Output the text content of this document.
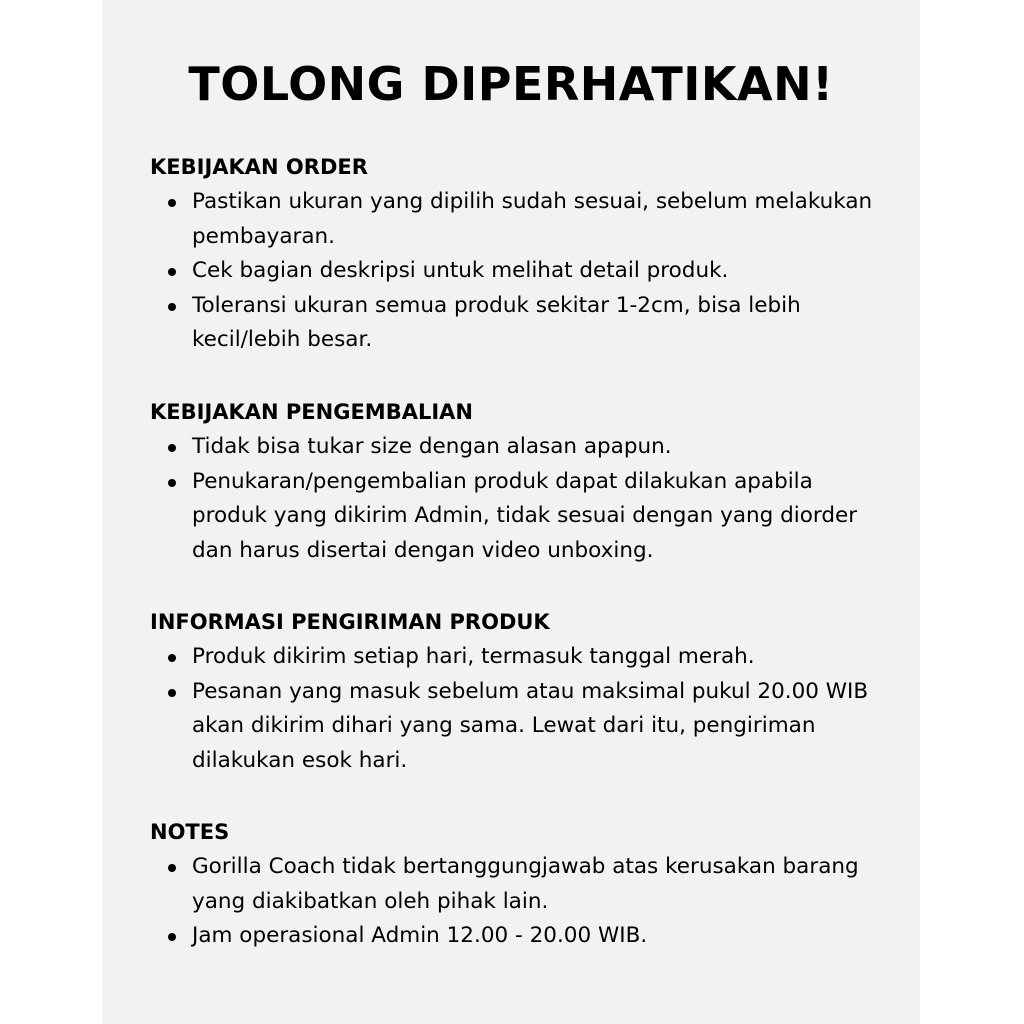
TOLONG DIPERHATIKAN!
KEBIJAKAN ORDER
Pastikan ukuran yang dipilih sudah sesuai, sebelum melakukan pembayaran.
Cek bagian deskripsi untuk melihat detail produk.
Toleransi ukuran semua produk sekitar 1-2cm, bisa lebih kecil/lebih besar.
KEBIJAKAN PENGEMBALIAN
Tidak bisa tukar size dengan alasan apapun.
Penukaran/pengembalian produk dapat dilakukan apabila produk yang dikirim Admin, tidak sesuai dengan yang diorder dan harus disertai dengan video unboxing.
INFORMASI PENGIRIMAN PRODUK
Produk dikirim setiap hari, termasuk tanggal merah.
Pesanan yang masuk sebelum atau maksimal pukul 20.00 WIB akan dikirim dihari yang sama. Lewat dari itu, pengiriman dilakukan esok hari.
NOTES
Gorilla Coach tidak bertanggungjawab atas kerusakan barang yang diakibatkan oleh pihak lain.
Jam operasional Admin 12.00 - 20.00 WIB.
